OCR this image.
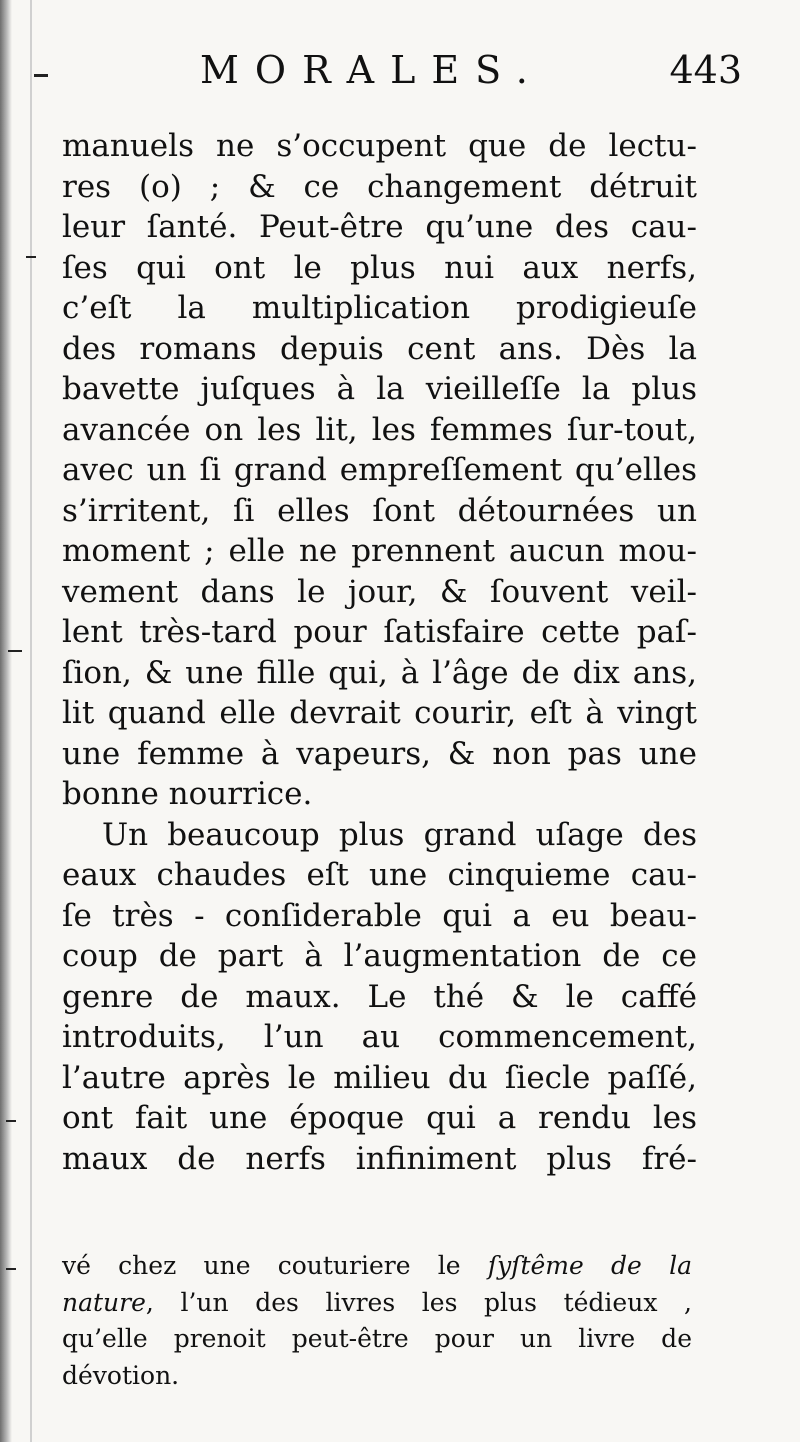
MORALES.	443
manuels ne s’occupent que de lectu-
res (o) ; & ce changement détruit
leur ſanté. Peut-être qu’une des cau-
ſes qui ont le plus nui aux nerfs,
c’eſt la multiplication prodigieuſe
des romans depuis cent ans. Dès la
bavette juſques à la vieilleſſe la plus
avancée on les lit, les femmes ſur-tout,
avec un ſi grand empreſſement qu’elles
s’irritent, ſi elles ſont détournées un
moment ; elle ne prennent aucun mou-
vement dans le jour, & ſouvent veil-
lent très-tard pour ſatisfaire cette paſ-
ſion, & une fille qui, à l’âge de dix ans,
lit quand elle devrait courir, eſt à vingt
une femme à vapeurs, & non pas une
bonne nourrice.
Un beaucoup plus grand uſage des
eaux chaudes eſt une cinquieme cau-
ſe très - conſiderable qui a eu beau-
coup de part à l’augmentation de ce
genre de maux. Le thé & le caffé
introduits, l’un au commencement,
l’autre après le milieu du ſiecle paſſé,
ont fait une époque qui a rendu les
maux de nerfs infiniment plus fré-
vé chez une couturiere le ſyſtême de la
nature, l’un des livres les plus tédieux ,
qu’elle prenoit peut-être pour un livre de
dévotion.
